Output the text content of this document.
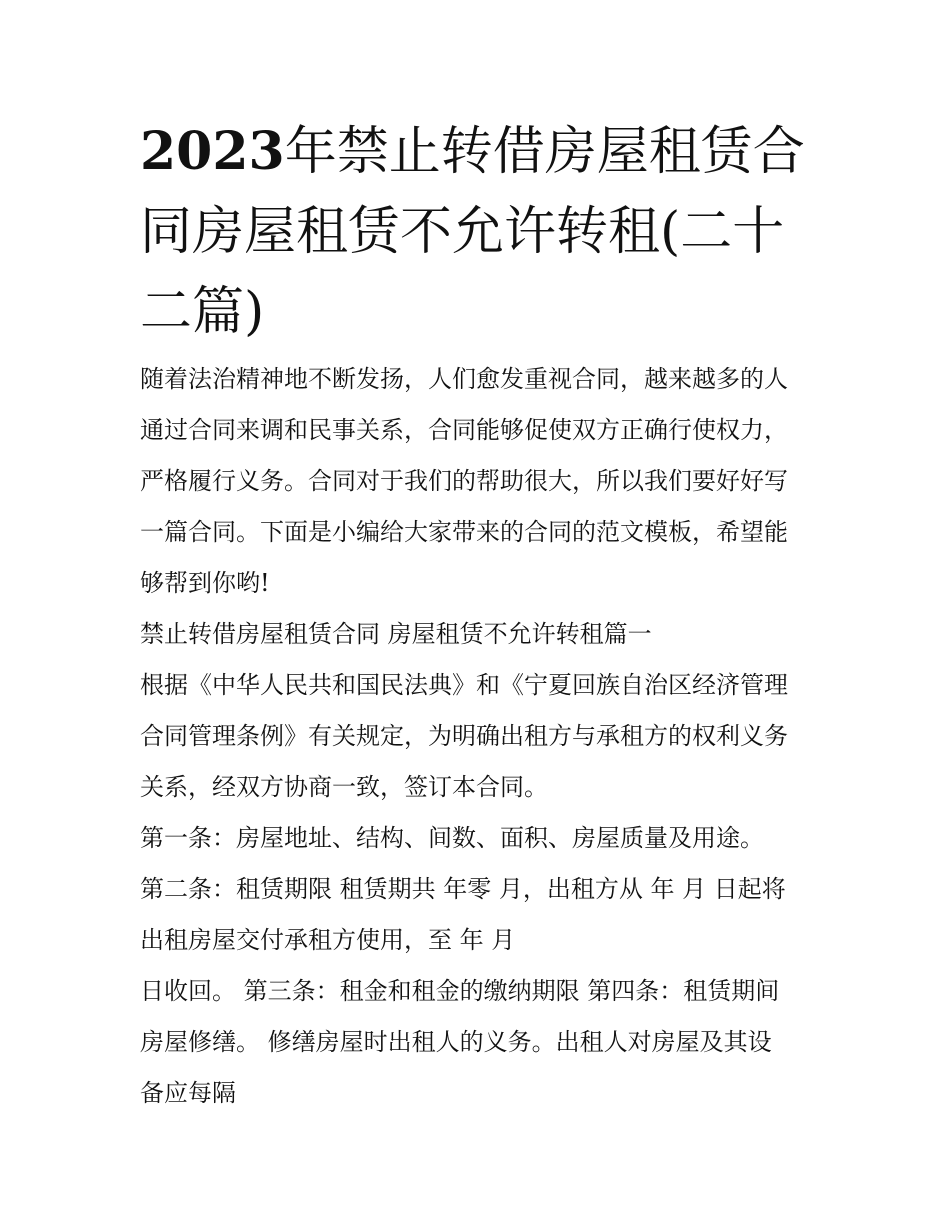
2023年禁止转借房屋租赁合同房屋租赁不允许转租(二十二篇)
随着法治精神地不断发扬，人们愈发重视合同，越来越多的人
通过合同来调和民事关系，合同能够促使双方正确行使权力，
严格履行义务。合同对于我们的帮助很大，所以我们要好好写
一篇合同。下面是小编给大家带来的合同的范文模板，希望能
够帮到你哟!
禁止转借房屋租赁合同 房屋租赁不允许转租篇一
根据《中华人民共和国民法典》和《宁夏回族自治区经济管理
合同管理条例》有关规定，为明确出租方与承租方的权利义务
关系，经双方协商一致，签订本合同。
第一条：房屋地址、结构、间数、面积、房屋质量及用途。
第二条：租赁期限 租赁期共 年零 月，出租方从 年 月 日起将
出租房屋交付承租方使用，至 年 月
日收回。 第三条：租金和租金的缴纳期限 第四条：租赁期间
房屋修缮。 修缮房屋时出租人的义务。出租人对房屋及其设
备应每隔
